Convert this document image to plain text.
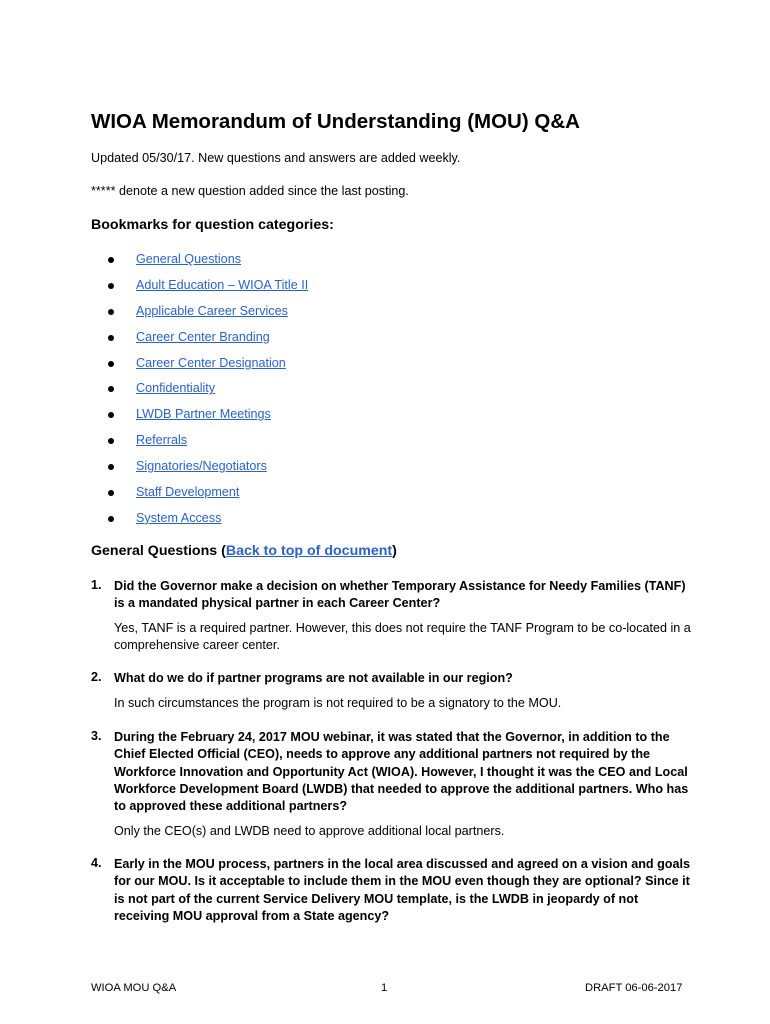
WIOA Memorandum of Understanding (MOU) Q&A
Updated 05/30/17. New questions and answers are added weekly.
***** denote a new question added since the last posting.
Bookmarks for question categories:
General Questions
Adult Education – WIOA Title II
Applicable Career Services
Career Center Branding
Career Center Designation
Confidentiality
LWDB Partner Meetings
Referrals
Signatories/Negotiators
Staff Development
System Access
General Questions (Back to top of document)
1. Did the Governor make a decision on whether Temporary Assistance for Needy Families (TANF) is a mandated physical partner in each Career Center?
Yes, TANF is a required partner. However, this does not require the TANF Program to be co-located in a comprehensive career center.
2. What do we do if partner programs are not available in our region?
In such circumstances the program is not required to be a signatory to the MOU.
3. During the February 24, 2017 MOU webinar, it was stated that the Governor, in addition to the Chief Elected Official (CEO), needs to approve any additional partners not required by the Workforce Innovation and Opportunity Act (WIOA). However, I thought it was the CEO and Local Workforce Development Board (LWDB) that needed to approve the additional partners. Who has to approved these additional partners?
Only the CEO(s) and LWDB need to approve additional local partners.
4. Early in the MOU process, partners in the local area discussed and agreed on a vision and goals for our MOU. Is it acceptable to include them in the MOU even though they are optional? Since it is not part of the current Service Delivery MOU template, is the LWDB in jeopardy of not receiving MOU approval from a State agency?
WIOA MOU Q&A	1	DRAFT 06-06-2017
